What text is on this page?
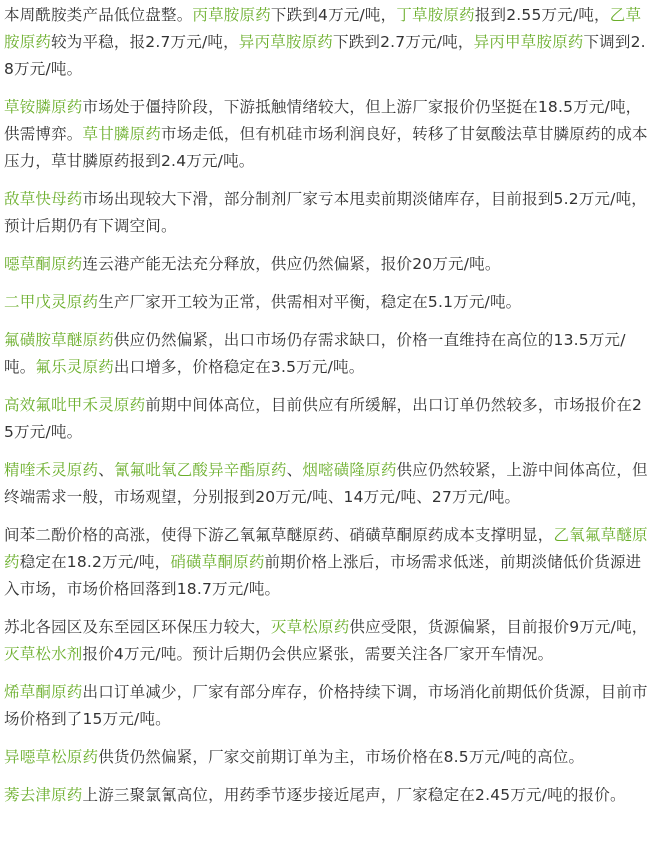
本周酰胺类产品低位盘整。丙草胺原药下跌到4万元/吨，丁草胺原药报到2.55万元/吨，乙草胺原药较为平稳，报2.7万元/吨，异丙草胺原药下跌到2.7万元/吨，异丙甲草胺原药下调到2.8万元/吨。

草铵膦原药市场处于僵持阶段，下游抵触情绪较大，但上游厂家报价仍坚挺在18.5万元/吨，供需博弈。草甘膦原药市场走低，但有机硅市场利润良好，转移了甘氨酸法草甘膦原药的成本压力，草甘膦原药报到2.4万元/吨。

敌草快母药市场出现较大下滑，部分制剂厂家亏本甩卖前期淡储库存，目前报到5.2万元/吨，预计后期仍有下调空间。

噁草酮原药连云港产能无法充分释放，供应仍然偏紧，报价20万元/吨。

二甲戊灵原药生产厂家开工较为正常，供需相对平衡，稳定在5.1万元/吨。

氟磺胺草醚原药供应仍然偏紧，出口市场仍存需求缺口，价格一直维持在高位的13.5万元/吨。氟乐灵原药出口增多，价格稳定在3.5万元/吨。

高效氟吡甲禾灵原药前期中间体高位，目前供应有所缓解，出口订单仍然较多，市场报价在25万元/吨。

精喹禾灵原药、氰氟吡氧乙酸异辛酯原药、烟嘧磺隆原药供应仍然较紧，上游中间体高位，但终端需求一般，市场观望，分别报到20万元/吨、14万元/吨、27万元/吨。

间苯二酚价格的高涨，使得下游乙氧氟草醚原药、硝磺草酮原药成本支撑明显，乙氧氟草醚原药稳定在18.2万元/吨，硝磺草酮原药前期价格上涨后，市场需求低迷，前期淡储低价货源进入市场，市场价格回落到18.7万元/吨。

苏北各园区及东至园区环保压力较大，灭草松原药供应受限，货源偏紧，目前报价9万元/吨，灭草松水剂报价4万元/吨。预计后期仍会供应紧张，需要关注各厂家开车情况。

烯草酮原药出口订单减少，厂家有部分库存，价格持续下调，市场消化前期低价货源，目前市场价格到了15万元/吨。

异噁草松原药供货仍然偏紧，厂家交前期订单为主，市场价格在8.5万元/吨的高位。

莠去津原药上游三聚氯氰高位，用药季节逐步接近尾声，厂家稳定在2.45万元/吨的报价。
